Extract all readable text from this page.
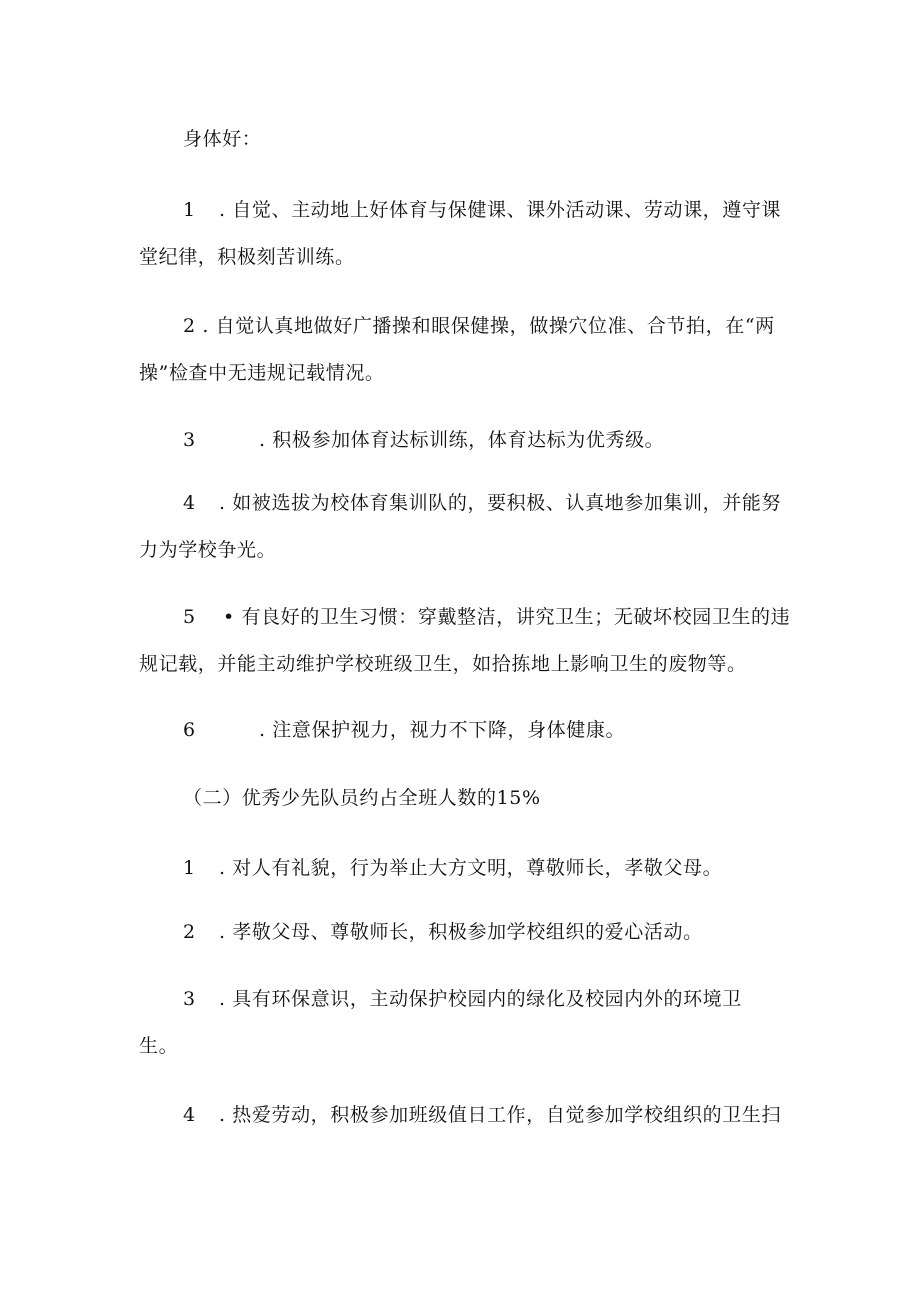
身体好：
1 . 自觉、主动地上好体育与保健课、课外活动课、劳动课，遵守课
堂纪律，积极刻苦训练。
2 . 自觉认真地做好广播操和眼保健操，做操穴位准、合节拍，在“两
操”检查中无违规记载情况。
3	. 积极参加体育达标训练，体育达标为优秀级。
4 . 如被选拔为校体育集训队的，要积极、认真地参加集训，并能努
力为学校争光。
5 • 有良好的卫生习惯：穿戴整洁，讲究卫生；无破坏校园卫生的违
规记载，并能主动维护学校班级卫生，如拾拣地上影响卫生的废物等。
6	. 注意保护视力，视力不下降，身体健康。
（二）优秀少先队员约占全班人数的15%
1 . 对人有礼貌，行为举止大方文明，尊敬师长，孝敬父母。
2 . 孝敬父母、尊敬师长，积极参加学校组织的爱心活动。
3 . 具有环保意识，主动保护校园内的绿化及校园内外的环境卫
生。
4 . 热爱劳动，积极参加班级值日工作，自觉参加学校组织的卫生扫
